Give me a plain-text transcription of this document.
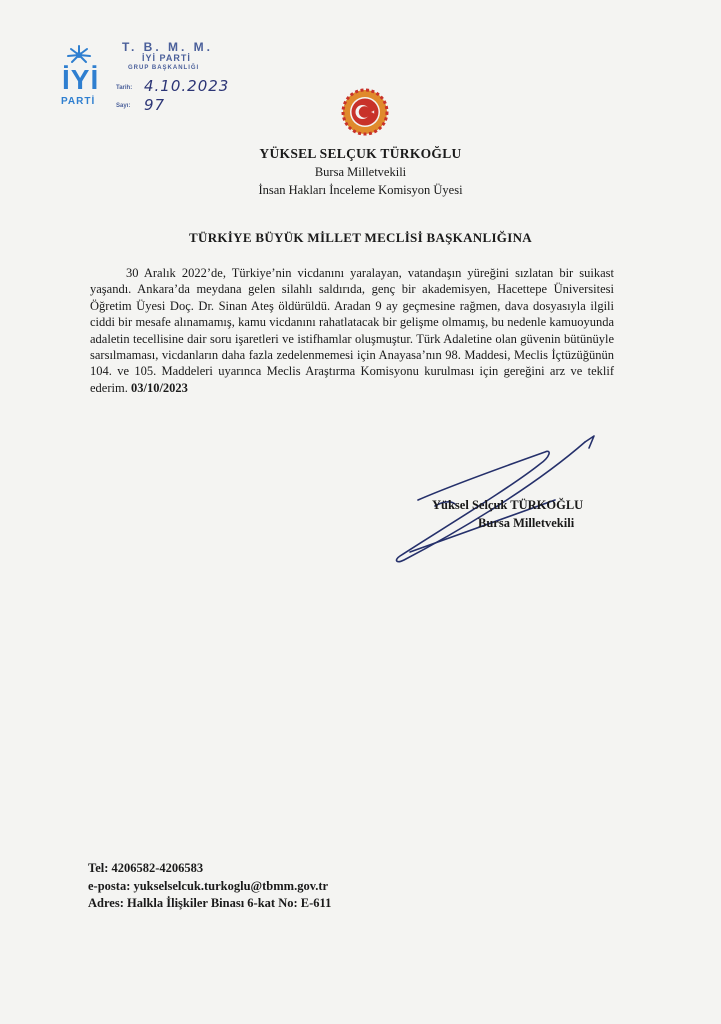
İYİ
PARTİ
T. B. M. M.
İYİ PARTİ
GRUP BAŞKANLIĞI
Tarih: 4.10.2023
Sayı: 97
YÜKSEL SELÇUK TÜRKOĞLU
Bursa Milletvekili
İnsan Hakları İnceleme Komisyon Üyesi
TÜRKİYE BÜYÜK MİLLET MECLİSİ BAŞKANLIĞINA
30 Aralık 2022’de, Türkiye’nin vicdanını yaralayan, vatandaşın yüreğini sızlatan bir suikast yaşandı. Ankara’da meydana gelen silahlı saldırıda, genç bir akademisyen, Hacettepe Üniversitesi Öğretim Üyesi Doç. Dr. Sinan Ateş öldürüldü. Aradan 9 ay geçmesine rağmen, dava dosyasıyla ilgili ciddi bir mesafe alınamamış, kamu vicdanını rahatlatacak bir gelişme olmamış, bu nedenle kamuoyunda adaletin tecellisine dair soru işaretleri ve istifhamlar oluşmuştur. Türk Adaletine olan güvenin bütünüyle sarsılmaması, vicdanların daha fazla zedelenmemesi için Anayasa’nın 98. Maddesi, Meclis İçtüzüğünün 104. ve 105. Maddeleri uyarınca Meclis Araştırma Komisyonu kurulması için gereğini arz ve teklif ederim. 03/10/2023
Yüksel Selçuk TÜRKOĞLU
Bursa Milletvekili
Tel: 4206582-4206583
e-posta: yukselselcuk.turkoglu@tbmm.gov.tr
Adres: Halkla İlişkiler Binası 6-kat No: E-611
